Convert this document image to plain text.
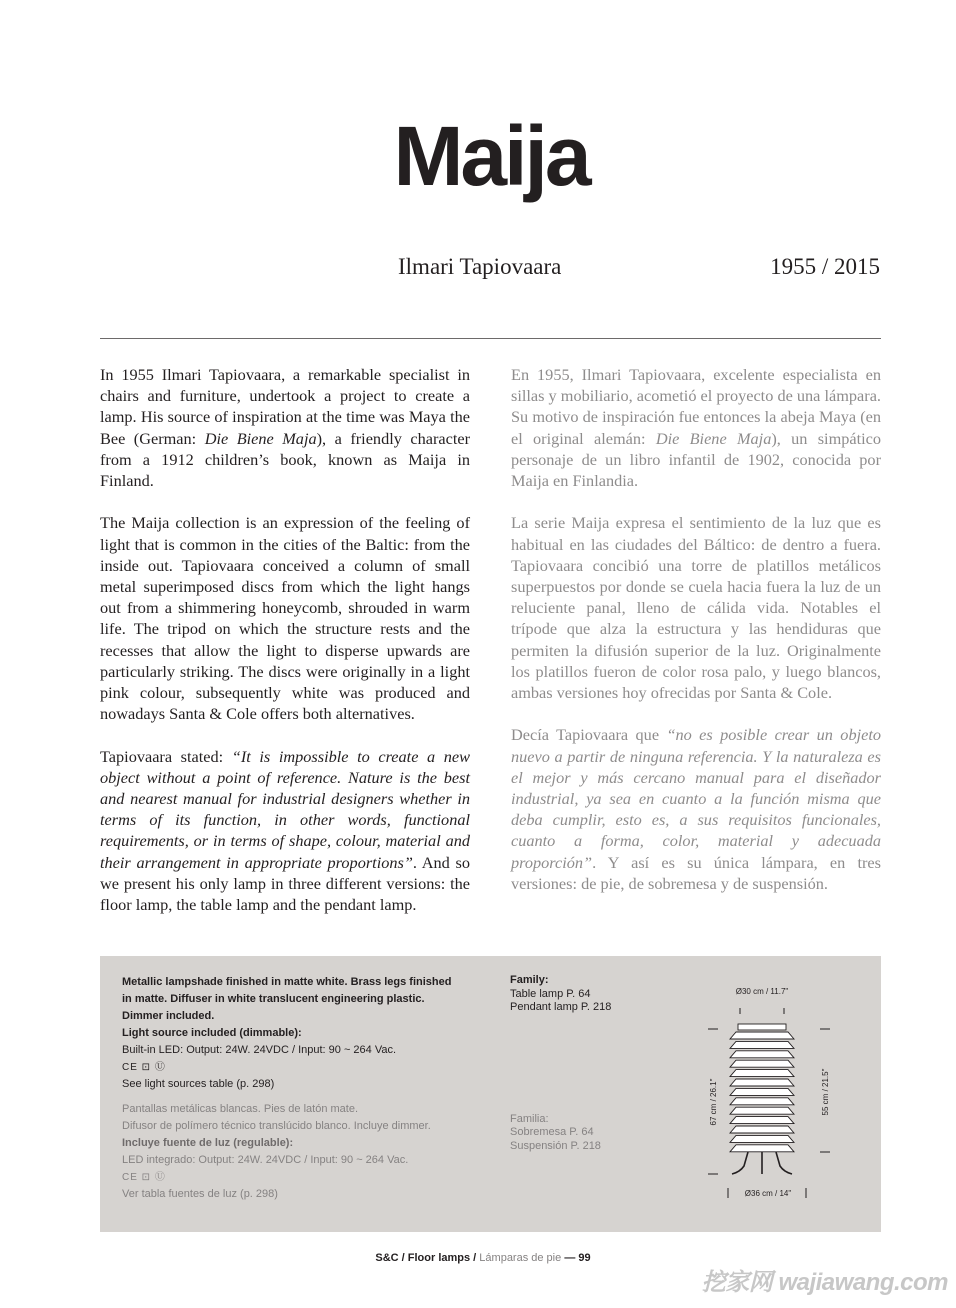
Maija
Ilmari Tapiovaara	1955 / 2015

In 1955 Ilmari Tapiovaara, a remarkable specialist in chairs and furniture, undertook a project to create a lamp. His source of inspiration at the time was Maya the Bee (German: Die Biene Maja), a friendly character from a 1912 children’s book, known as Maija in Finland.

The Maija collection is an expression of the feeling of light that is common in the cities of the Baltic: from the inside out. Tapiovaara conceived a column of small metal superimposed discs from which the light hangs out from a shimmering honeycomb, shrouded in warm life. The tripod on which the structure rests and the recesses that allow the light to disperse upwards are particularly striking. The discs were originally in a light pink colour, subsequently white was produced and nowadays Santa & Cole offers both alternatives.

Tapiovaara stated: “It is impossible to create a new object without a point of reference. Nature is the best and nearest manual for industrial designers whether in terms of its function, in other words, functional requirements, or in terms of shape, colour, material and their arrangement in appropriate proportions”. And so we present his only lamp in three different versions: the floor lamp, the table lamp and the pendant lamp.

En 1955, Ilmari Tapiovaara, excelente especialista en sillas y mobiliario, acometió el proyecto de una lámpara. Su motivo de inspiración fue entonces la abeja Maya (en el original alemán: Die Biene Maja), un simpático personaje de un libro infantil de 1902, conocida por Maija en Finlandia.

La serie Maija expresa el sentimiento de la luz que es habitual en las ciudades del Báltico: de dentro a fuera. Tapiovaara concibió una torre de platillos metálicos superpuestos por donde se cuela hacia fuera la luz de un reluciente panal, lleno de cálida vida. Notables el trípode que alza la estructura y las hendiduras que permiten la difusión superior de la luz. Originalmente los platillos fueron de color rosa palo, y luego blancos, ambas versiones hoy ofrecidas por Santa & Cole.

Decía Tapiovaara que “no es posible crear un objeto nuevo a partir de ninguna referencia. Y la naturaleza es el mejor y más cercano manual para el diseñador industrial, ya sea en cuanto a la función misma que deba cumplir, esto es, a sus requisitos funcionales, cuanto a forma, color, material y adecuada proporción”. Y así es su única lámpara, en tres versiones: de pie, de sobremesa y de suspensión.

Metallic lampshade finished in matte white. Brass legs finished
in matte. Diffuser in white translucent engineering plastic.
Dimmer included.
Light source included (dimmable):
Built-in LED: Output: 24W. 24VDC / Input: 90 ~ 264 Vac.
CE ⊡ Ⓤ
See light sources table (p. 298)
Pantallas metálicas blancas. Pies de latón mate.
Difusor de polímero técnico translúcido blanco. Incluye dimmer.
Incluye fuente de luz (regulable):
LED integrado: Output: 24W. 24VDC / Input: 90 ~ 264 Vac.
CE ⊡ Ⓤ
Ver tabla fuentes de luz (p. 298)
Family:
Table lamp P. 64
Pendant lamp P. 218
Familia:
Sobremesa P. 64
Suspensión P. 218
Ø30 cm / 11.7"
67 cm / 26.1"	55 cm / 21.5"
Ø36 cm / 14"
S&C / Floor lamps / Lámparas de pie — 99
挖家网 wajiawang.com
